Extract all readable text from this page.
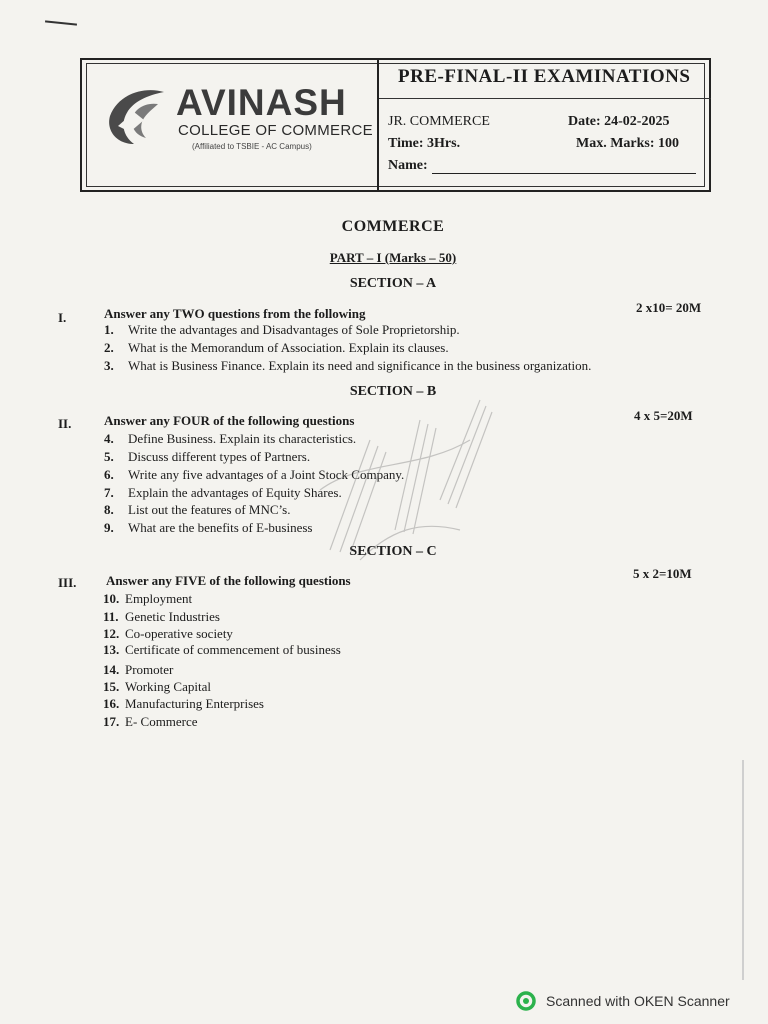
AVINASH
COLLEGE OF COMMERCE
(Affiliated to TSBIE - AC Campus)
PRE-FINAL-II EXAMINATIONS
JR. COMMERCE	Date: 24-02-2025
Time: 3Hrs.	Max. Marks: 100
Name:
COMMERCE
PART – I (Marks – 50)
SECTION – A
I.	Answer any TWO questions from the following	2 x10= 20M
1. Write the advantages and Disadvantages of Sole Proprietorship.
2. What is the Memorandum of Association. Explain its clauses.
3. What is Business Finance. Explain its need and significance in the business organization.
SECTION – B
II.	Answer any FOUR of the following questions	4 x 5=20M
4. Define Business. Explain its characteristics.
5. Discuss different types of Partners.
6. Write any five advantages of a Joint Stock Company.
7. Explain the advantages of Equity Shares.
8. List out the features of MNC’s.
9. What are the benefits of E-business
SECTION – C
III. Answer any FIVE of the following questions	5 x 2=10M
10. Employment
11. Genetic Industries
12. Co-operative society
13. Certificate of commencement of business
14. Promoter
15. Working Capital
16. Manufacturing Enterprises
17. E- Commerce
Scanned with OKEN Scanner
